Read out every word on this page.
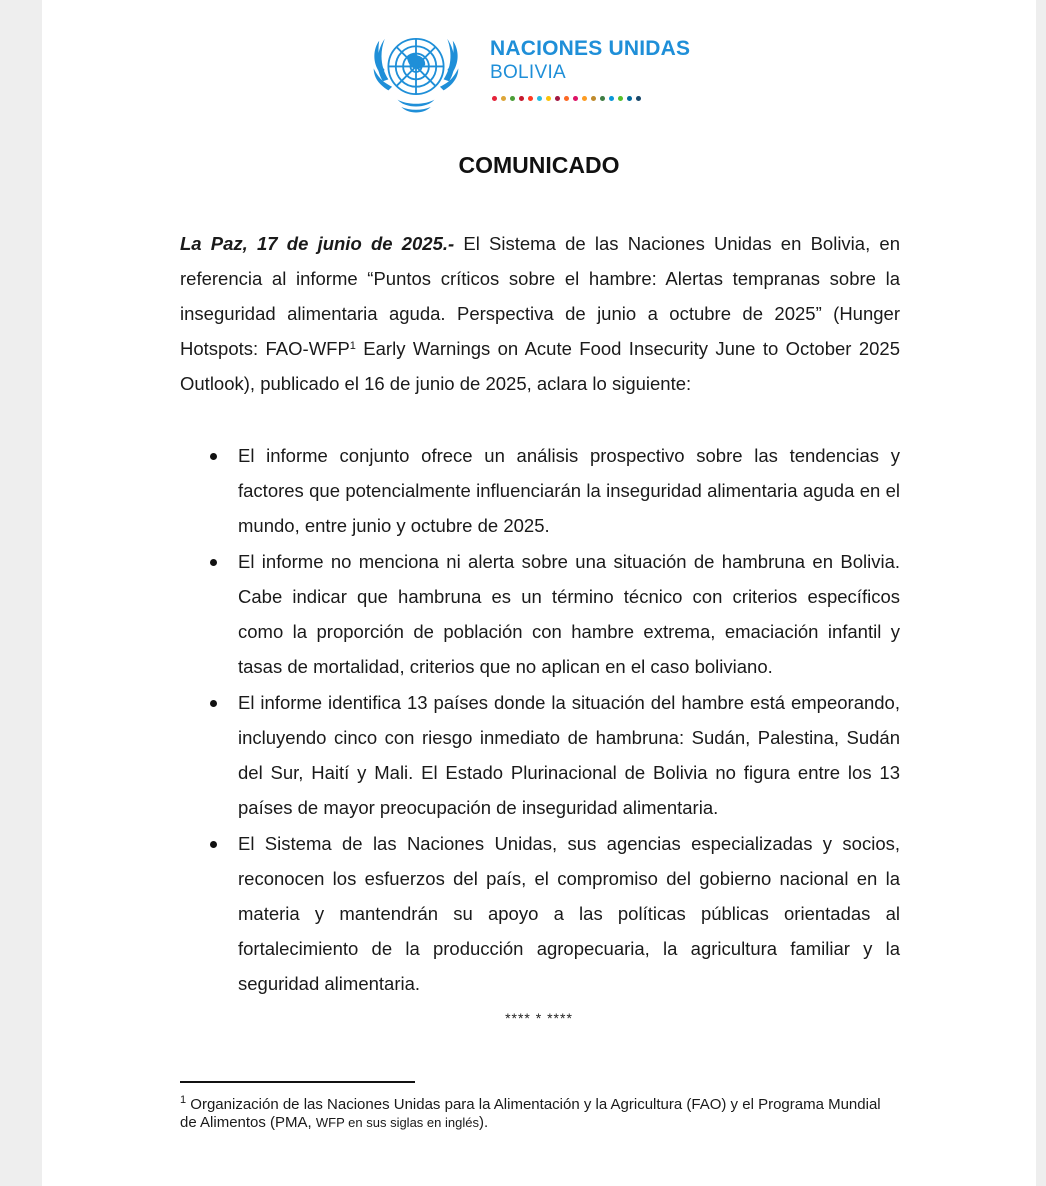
NACIONES UNIDAS
BOLIVIA
COMUNICADO

La Paz, 17 de junio de 2025.- El Sistema de las Naciones Unidas en Bolivia, en referencia al informe “Puntos críticos sobre el hambre: Alertas tempranas sobre la inseguridad alimentaria aguda. Perspectiva de junio a octubre de 2025” (Hunger Hotspots: FAO-WFP$^1$ Early Warnings on Acute Food Insecurity June to October 2025 Outlook), publicado el 16 de junio de 2025, aclara lo siguiente:

El informe conjunto ofrece un análisis prospectivo sobre las tendencias y factores que potencialmente influenciarán la inseguridad alimentaria aguda en el mundo, entre junio y octubre de 2025.
El informe no menciona ni alerta sobre una situación de hambruna en Bolivia. Cabe indicar que hambruna es un término técnico con criterios específicos como la proporción de población con hambre extrema, emaciación infantil y tasas de mortalidad, criterios que no aplican en el caso boliviano.
El informe identifica 13 países donde la situación del hambre está empeorando, incluyendo cinco con riesgo inmediato de hambruna: Sudán, Palestina, Sudán del Sur, Haití y Mali. El Estado Plurinacional de Bolivia no figura entre los 13 países de mayor preocupación de inseguridad alimentaria.
El Sistema de las Naciones Unidas, sus agencias especializadas y socios, reconocen los esfuerzos del país, el compromiso del gobierno nacional en la materia y mantendrán su apoyo a las políticas públicas orientadas al fortalecimiento de la producción agropecuaria, la agricultura familiar y la seguridad alimentaria.
**** * ****
$^1$ Organización de las Naciones Unidas para la Alimentación y la Agricultura (FAO) y el Programa Mundial de Alimentos (PMA, WFP en sus siglas en inglés).
